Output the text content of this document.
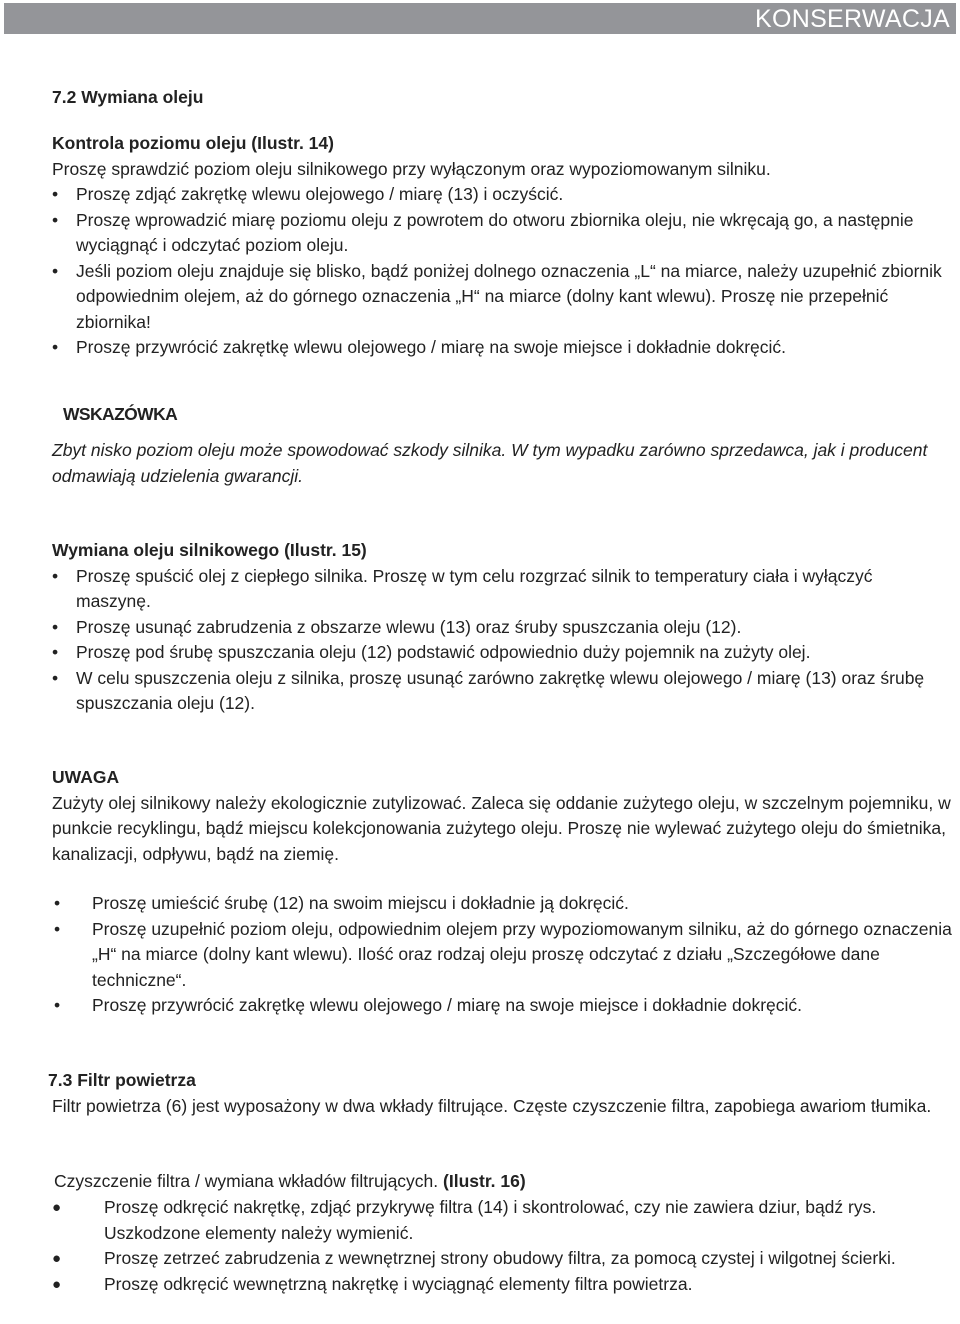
KONSERWACJA
7.2 Wymiana oleju
Kontrola poziomu oleju (Ilustr. 14)

Proszę sprawdzić poziom oleju silnikowego przy wyłączonym oraz wypoziomowanym silniku.

• Proszę zdjąć zakrętkę wlewu olejowego / miarę (13) i oczyścić.
• Proszę wprowadzić miarę poziomu oleju z powrotem do otworu zbiornika oleju, nie wkręcają go, a następnie wyciągnąć i odczytać poziom oleju.
• Jeśli poziom oleju znajduje się blisko, bądź poniżej dolnego oznaczenia „L“ na miarce, należy uzupełnić zbiornik odpowiednim olejem, aż do górnego oznaczenia „H“ na miarce (dolny kant wlewu). Proszę nie przepełnić zbiornika!
• Proszę przywrócić zakrętkę wlewu olejowego / miarę na swoje miejsce i dokładnie dokręcić.
WSKAZÓWKA

Zbyt nisko poziom oleju może spowodować szkody silnika. W tym wypadku zarówno sprzedawca, jak i producent odmawiają udzielenia gwarancji.

Wymiana oleju silnikowego (Ilustr. 15)
• Proszę spuścić olej z ciepłego silnika. Proszę w tym celu rozgrzać silnik to temperatury ciała i wyłączyć maszynę.
• Proszę usunąć zabrudzenia z obszarze wlewu (13) oraz śruby spuszczania oleju (12).
• Proszę pod śrubę spuszczania oleju (12) podstawić odpowiednio duży pojemnik na zużyty olej.
• W celu spuszczenia oleju z silnika, proszę usunąć zarówno zakrętkę wlewu olejowego / miarę (13) oraz śrubę spuszczania oleju (12).
UWAGA

Zużyty olej silnikowy należy ekologicznie zutylizować. Zaleca się oddanie zużytego oleju, w szczelnym pojemniku, w punkcie recyklingu, bądź miejscu kolekcjonowania zużytego oleju. Proszę nie wylewać zużytego oleju do śmietnika, kanalizacji, odpływu, bądź na ziemię.

• Proszę umieścić śrubę (12) na swoim miejscu i dokładnie ją dokręcić.
• Proszę uzupełnić poziom oleju, odpowiednim olejem przy wypoziomowanym silniku, aż do górnego oznaczenia „H“ na miarce (dolny kant wlewu). Ilość oraz rodzaj oleju proszę odczytać z działu „Szczegółowe dane techniczne“.
• Proszę przywrócić zakrętkę wlewu olejowego / miarę na swoje miejsce i dokładnie dokręcić.
7.3 Filtr powietrza

Filtr powietrza (6) jest wyposażony w dwa wkłady filtrujące. Częste czyszczenie filtra, zapobiega awariom tłumika.

Czyszczenie filtra / wymiana wkładów filtrujących. (Ilustr. 16)
● Proszę odkręcić nakrętkę, zdjąć przykrywę filtra (14) i skontrolować, czy nie zawiera dziur, bądź rys. Uszkodzone elementy należy wymienić.
● Proszę zetrzeć zabrudzenia z wewnętrznej strony obudowy filtra, za pomocą czystej i wilgotnej ścierki.
● Proszę odkręcić wewnętrzną nakrętkę i wyciągnąć elementy filtra powietrza.
